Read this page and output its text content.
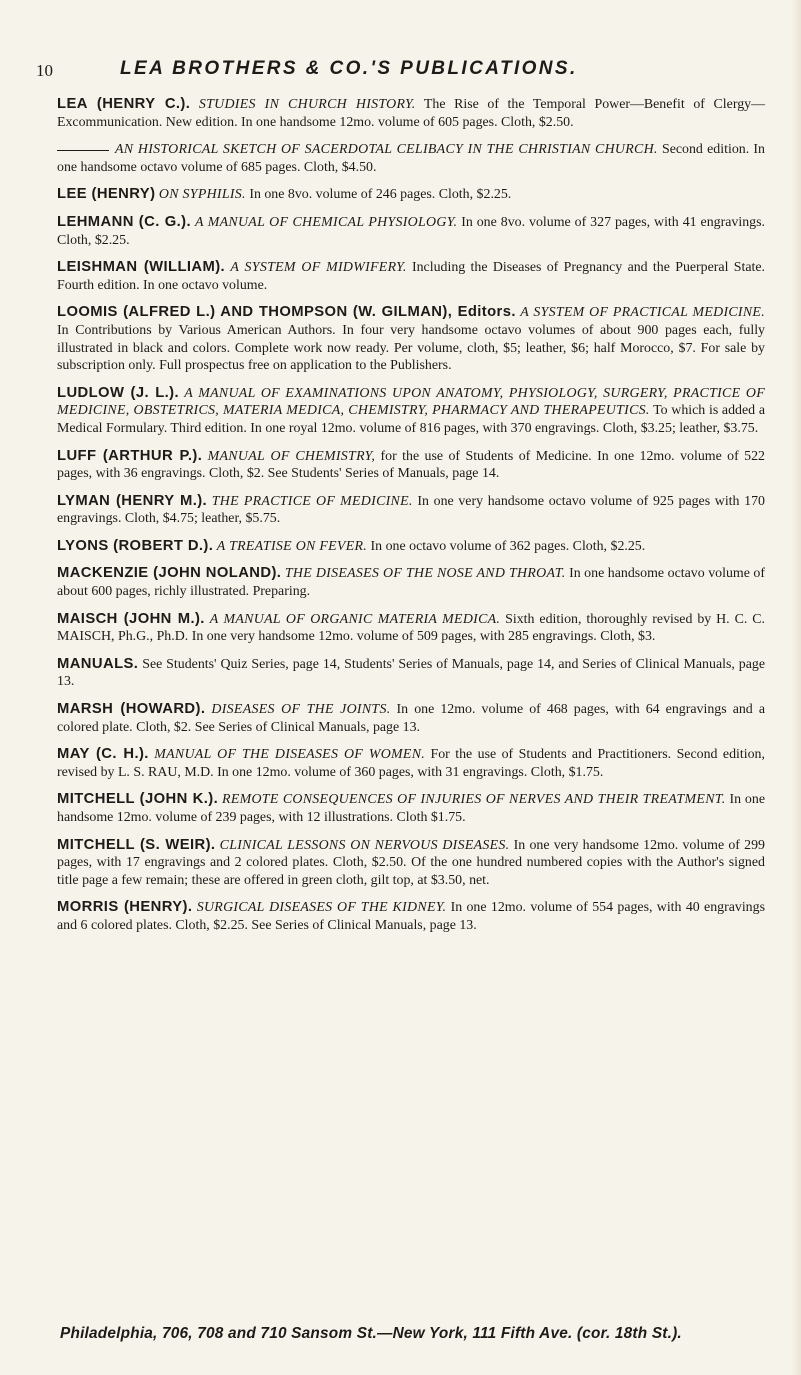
10	LEA BROTHERS & CO.'S PUBLICATIONS.

LEA (HENRY C.). STUDIES IN CHURCH HISTORY. The Rise of the Temporal Power—Benefit of Clergy—Excommunication. New edition. In one handsome 12mo. volume of 605 pages. Cloth, $2.50.

AN HISTORICAL SKETCH OF SACERDOTAL CELIBACY IN THE CHRISTIAN CHURCH. Second edition. In one handsome octavo volume of 685 pages. Cloth, $4.50.

LEE (HENRY) ON SYPHILIS. In one 8vo. volume of 246 pages. Cloth, $2.25.

LEHMANN (C. G.). A MANUAL OF CHEMICAL PHYSIOLOGY. In one 8vo. volume of 327 pages, with 41 engravings. Cloth, $2.25.

LEISHMAN (WILLIAM). A SYSTEM OF MIDWIFERY. Including the Diseases of Pregnancy and the Puerperal State. Fourth edition. In one octavo volume.

LOOMIS (ALFRED L.) AND THOMPSON (W. GILMAN), Editors. A SYSTEM OF PRACTICAL MEDICINE. In Contributions by Various American Authors. In four very handsome octavo volumes of about 900 pages each, fully illustrated in black and colors. Complete work now ready. Per volume, cloth, $5; leather, $6; half Morocco, $7. For sale by subscription only. Full prospectus free on application to the Publishers.

LUDLOW (J. L.). A MANUAL OF EXAMINATIONS UPON ANATOMY, PHYSIOLOGY, SURGERY, PRACTICE OF MEDICINE, OBSTETRICS, MATERIA MEDICA, CHEMISTRY, PHARMACY AND THERAPEUTICS. To which is added a Medical Formulary. Third edition. In one royal 12mo. volume of 816 pages, with 370 engravings. Cloth, $3.25; leather, $3.75.

LUFF (ARTHUR P.). MANUAL OF CHEMISTRY, for the use of Students of Medicine. In one 12mo. volume of 522 pages, with 36 engravings. Cloth, $2. See Students' Series of Manuals, page 14.

LYMAN (HENRY M.). THE PRACTICE OF MEDICINE. In one very handsome octavo volume of 925 pages with 170 engravings. Cloth, $4.75; leather, $5.75.

LYONS (ROBERT D.). A TREATISE ON FEVER. In one octavo volume of 362 pages. Cloth, $2.25.

MACKENZIE (JOHN NOLAND). THE DISEASES OF THE NOSE AND THROAT. In one handsome octavo volume of about 600 pages, richly illustrated. Preparing.

MAISCH (JOHN M.). A MANUAL OF ORGANIC MATERIA MEDICA. Sixth edition, thoroughly revised by H. C. C. MAISCH, Ph.G., Ph.D. In one very handsome 12mo. volume of 509 pages, with 285 engravings. Cloth, $3.

MANUALS. See Students' Quiz Series, page 14, Students' Series of Manuals, page 14, and Series of Clinical Manuals, page 13.

MARSH (HOWARD). DISEASES OF THE JOINTS. In one 12mo. volume of 468 pages, with 64 engravings and a colored plate. Cloth, $2. See Series of Clinical Manuals, page 13.

MAY (C. H.). MANUAL OF THE DISEASES OF WOMEN. For the use of Students and Practitioners. Second edition, revised by L. S. RAU, M.D. In one 12mo. volume of 360 pages, with 31 engravings. Cloth, $1.75.

MITCHELL (JOHN K.). REMOTE CONSEQUENCES OF INJURIES OF NERVES AND THEIR TREATMENT. In one handsome 12mo. volume of 239 pages, with 12 illustrations. Cloth $1.75.

MITCHELL (S. WEIR). CLINICAL LESSONS ON NERVOUS DISEASES. In one very handsome 12mo. volume of 299 pages, with 17 engravings and 2 colored plates. Cloth, $2.50. Of the one hundred numbered copies with the Author's signed title page a few remain; these are offered in green cloth, gilt top, at $3.50, net.

MORRIS (HENRY). SURGICAL DISEASES OF THE KIDNEY. In one 12mo. volume of 554 pages, with 40 engravings and 6 colored plates. Cloth, $2.25. See Series of Clinical Manuals, page 13.

Philadelphia, 706, 708 and 710 Sansom St.—New York, 111 Fifth Ave. (cor. 18th St.).
